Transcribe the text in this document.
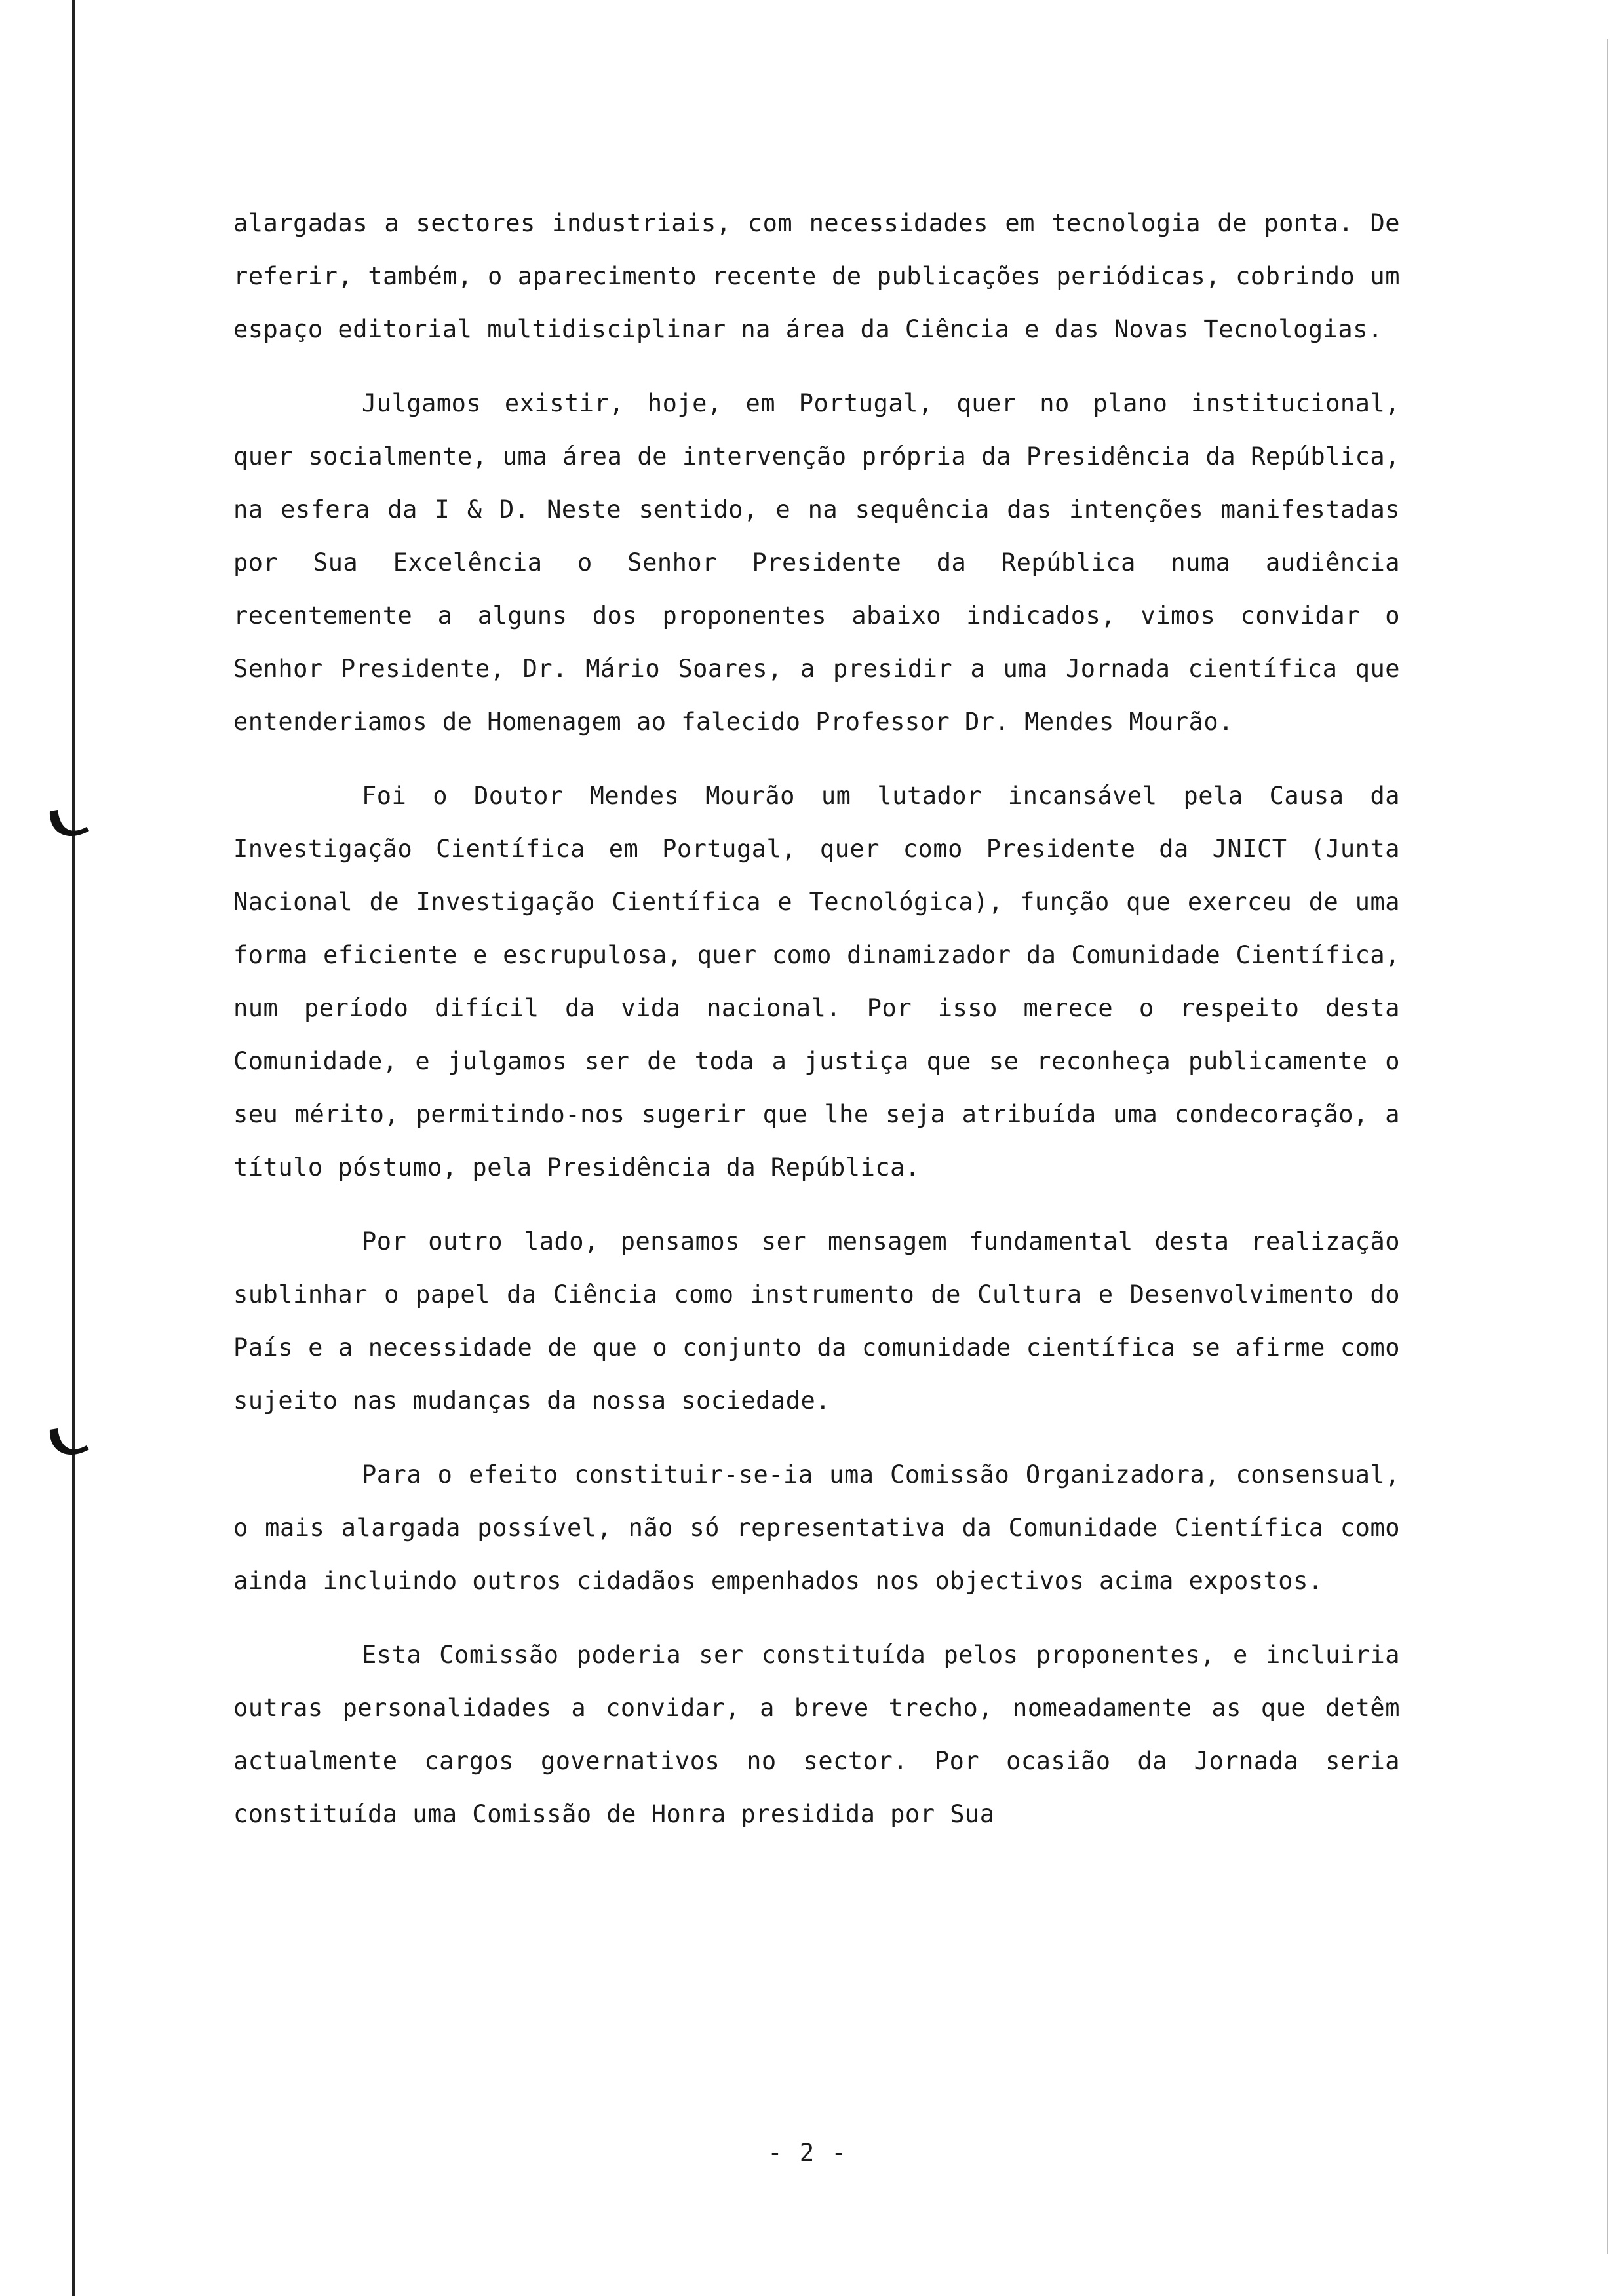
alargadas a sectores industriais, com necessidades em tecnologia de ponta. De referir, também, o aparecimento recente de publicações periódicas, cobrindo um espaço editorial multidisciplinar na área da Ciência e das Novas Tecnologias.

Julgamos existir, hoje, em Portugal, quer no plano institucional, quer socialmente, uma área de intervenção própria da Presidência da República, na esfera da I & D. Neste sentido, e na sequência das intenções manifestadas por Sua Excelência o Senhor Presidente da República numa audiência recentemente a alguns dos proponentes abaixo indicados, vimos convidar o Senhor Presidente, Dr. Mário Soares, a presidir a uma Jornada científica que entenderiamos de Homenagem ao falecido Professor Dr. Mendes Mourão.

Foi o Doutor Mendes Mourão um lutador incansável pela Causa da Investigação Científica em Portugal, quer como Presidente da JNICT (Junta Nacional de Investigação Científica e Tecnológica), função que exerceu de uma forma eficiente e escrupulosa, quer como dinamizador da Comunidade Científica, num período difícil da vida nacional. Por isso merece o respeito desta Comunidade, e julgamos ser de toda a justiça que se reconheça publicamente o seu mérito, permitindo-nos sugerir que lhe seja atribuída uma condecoração, a título póstumo, pela Presidência da República.

Por outro lado, pensamos ser mensagem fundamental desta realização sublinhar o papel da Ciência como instrumento de Cultura e Desenvolvimento do País e a necessidade de que o conjunto da comunidade científica se afirme como sujeito nas mudanças da nossa sociedade.

Para o efeito constituir-se-ia uma Comissão Organizadora, consensual, o mais alargada possível, não só representativa da Comunidade Científica como ainda incluindo outros cidadãos empenhados nos objectivos acima expostos.

Esta Comissão poderia ser constituída pelos proponentes, e incluiria outras personalidades a convidar, a breve trecho, nomeadamente as que detêm actualmente cargos governativos no sector. Por ocasião da Jornada seria constituída uma Comissão de Honra presidida por Sua

- 2 -
